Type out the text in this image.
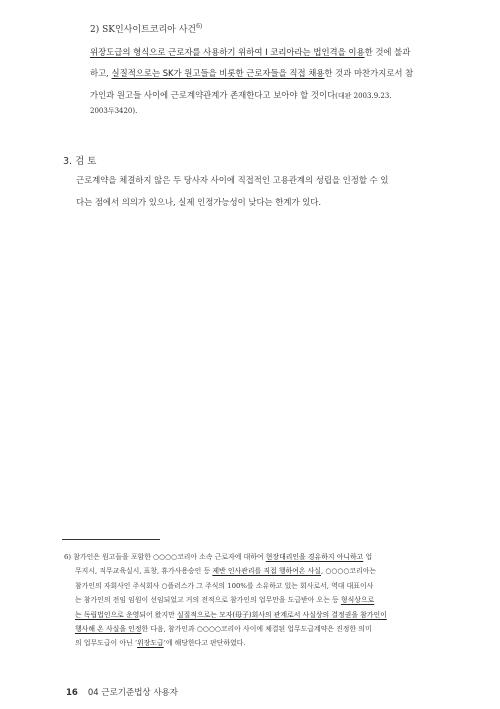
2) SK인사이트코리아 사건$^{6)}$
위장도급의 형식으로 근로자를 사용하기 위하여 I 코리아라는 법인격을 이용한 것에 불과
하고, 실질적으로는 SK가 원고들을 비롯한 근로자들을 직접 채용한 것과 마찬가지로서 참
가인과 원고들 사이에 근로계약관계가 존재한다고 보아야 할 것이다(대판 2003.9.23.
2003두3420).
3. 검 토
근로계약을 체결하지 않은 두 당사자 사이에 직접적인 고용관계의 성립을 인정할 수 있
다는 점에서 의의가 있으나, 실제 인정가능성이 낮다는 한계가 있다.
6) 참가인은 원고들을 포함한 ○○○○코리아 소속 근로자에 대하여 현장대리인을 경유하지 아니하고 업
무지시, 직무교육실시, 표창, 휴가사용승인 등 제반 인사관리를 직접 행하여온 사실, ○○○○코리아는
참가인의 자회사인 주식회사 ○플러스가 그 주식의 100%를 소유하고 있는 회사로서, 역대 대표이사
는 참가인의 전임 임원이 선임되었고 거의 전적으로 참가인의 업무만을 도급받아 오는 등 형식상으로
는 독립법인으로 운영되어 왔지만 실질적으로는 모자(母子)회사의 관계로서 사실상의 결정권을 참가인이
행사해 온 사실을 인정한 다음, 참가인과 ○○○○코리아 사이에 체결된 업무도급계약은 진정한 의미
의 업무도급이 아닌 ‘위장도급’에 해당한다고 판단하였다.
16 04 근로기준법상 사용자
